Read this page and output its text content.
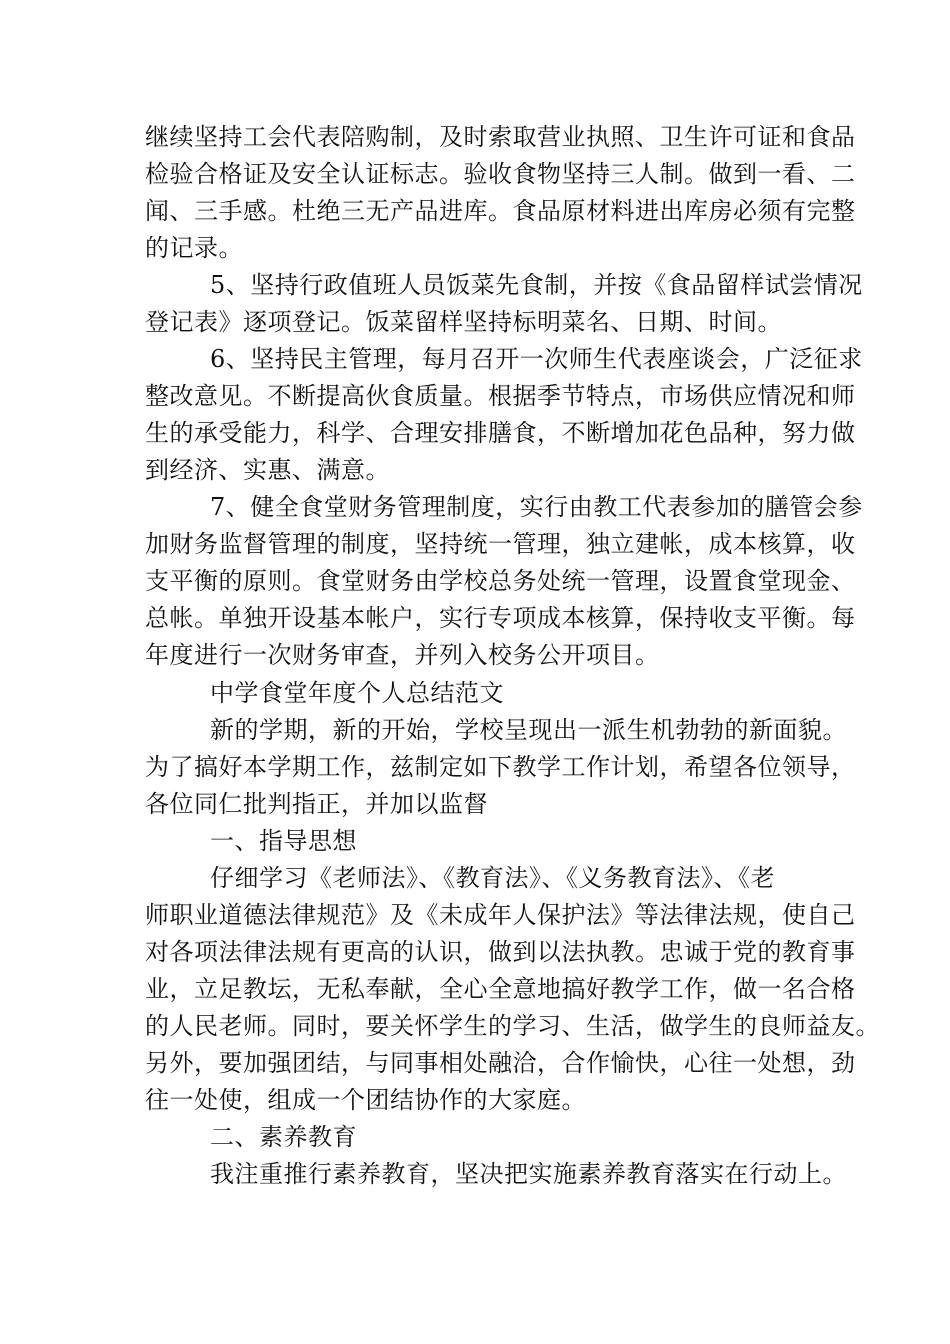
继续坚持工会代表陪购制，及时索取营业执照、卫生许可证和食品
检验合格证及安全认证标志。验收食物坚持三人制。做到一看、二
闻、三手感。杜绝三无产品进库。食品原材料进出库房必须有完整
的记录。
5、坚持行政值班人员饭菜先食制，并按《食品留样试尝情况
登记表》逐项登记。饭菜留样坚持标明菜名、日期、时间。
6、坚持民主管理，每月召开一次师生代表座谈会，广泛征求
整改意见。不断提高伙食质量。根据季节特点，市场供应情况和师
生的承受能力，科学、合理安排膳食，不断增加花色品种，努力做
到经济、实惠、满意。
7、健全食堂财务管理制度，实行由教工代表参加的膳管会参
加财务监督管理的制度，坚持统一管理，独立建帐，成本核算，收
支平衡的原则。食堂财务由学校总务处统一管理，设置食堂现金、
总帐。单独开设基本帐户，实行专项成本核算，保持收支平衡。每
年度进行一次财务审查，并列入校务公开项目。
中学食堂年度个人总结范文
新的学期，新的开始，学校呈现出一派生机勃勃的新面貌。
为了搞好本学期工作，兹制定如下教学工作计划，希望各位领导，
各位同仁批判指正，并加以监督
一、指导思想
仔细学习《老师法》、《教育法》、《义务教育法》、《老
师职业道德法律规范》及《未成年人保护法》等法律法规，使自己
对各项法律法规有更高的认识，做到以法执教。忠诚于党的教育事
业，立足教坛，无私奉献，全心全意地搞好教学工作，做一名合格
的人民老师。同时，要关怀学生的学习、生活，做学生的良师益友。
另外，要加强团结，与同事相处融洽，合作愉快，心往一处想，劲
往一处使，组成一个团结协作的大家庭。
二、素养教育
我注重推行素养教育，坚决把实施素养教育落实在行动上。
